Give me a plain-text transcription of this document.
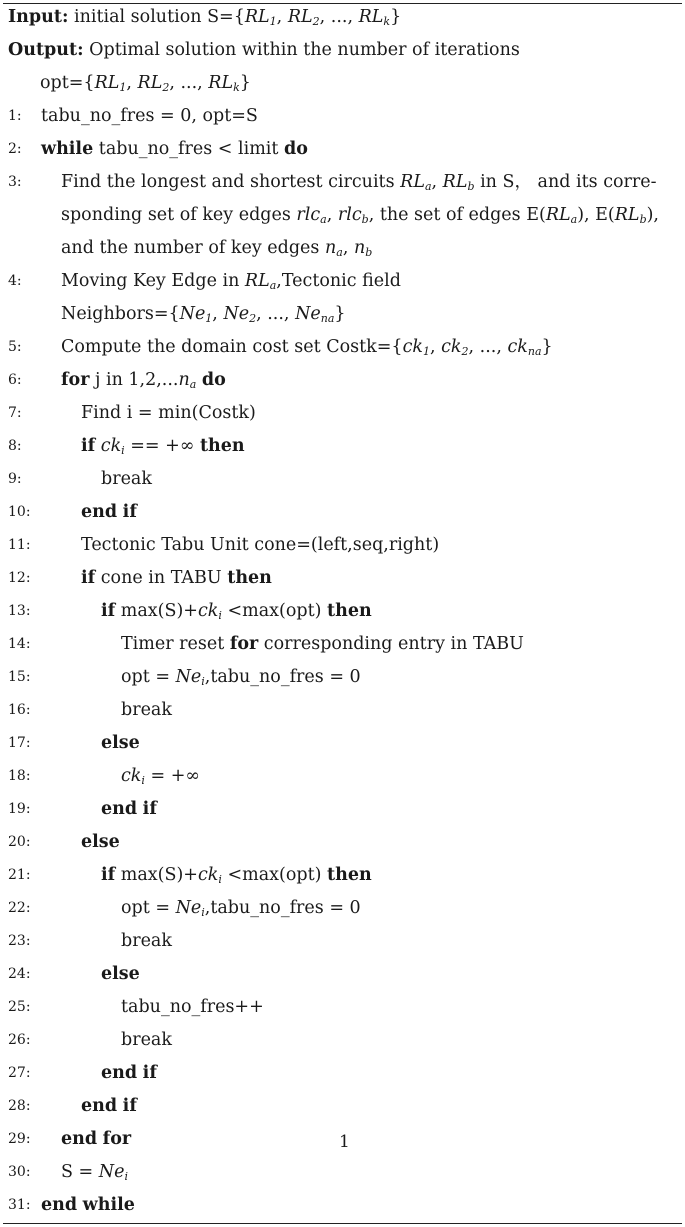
Input: initial solution $S=\{RL_1$, $RL_2$, ..., $RL_k$}
Output: Optimal solution within the number of iterations
$opt=\{RL_1$, $RL_2$, ..., $RL_k$}
1:	tabu_no_fres = 0, opt=S
2:	while tabu_no_fres < limit do
3:	Find the longest and shortest circuits $RL_a$, $RL_b$ in S， and its corre-
sponding set of key edges rlc$_a$, rlc$_b$, the set of edges $E(RL_a)$, $E(RL_b)$,
and the number of key edges $n_a$, $n_b$
4:	Moving Key Edge in $RL_a,Tectonic$ field
$Neighbors=\{Ne_1$, $Ne_2$, ..., $Ne_{na}$}
5:	Compute the domain cost set $Costk=\{ck_1$, $ck_2$, ..., $ck_{na}$}
6:	for j in $1,2,...n_a$ do
7:	Find i = min(Costk)
8:	if $ck_i$ == +∞ then
9:	break
10:	end if
11:	Tectonic Tabu Unit cone=(left,seq,right)
12:	if cone in TABU then
13:	if $\max(S)+ck_i <\max(opt)$ then
14:	Timer reset for corresponding entry in TABU
15:	opt = $Ne_i,tabu\_no\_fres = 0$
16:	break
17:	else
18:	$ck_i$ = +∞
19:	end if
20:	else
21:	if $\max(S)+ck_i <\max(opt)$ then
22:	opt = $Ne_i,tabu\_no\_fres = 0$
23:	break
24:	else
25:	tabu_no_fres++
26:	break
27:	end if
28:	end if
29:	end for
30:	$S = Ne_i$
31: end while
1
